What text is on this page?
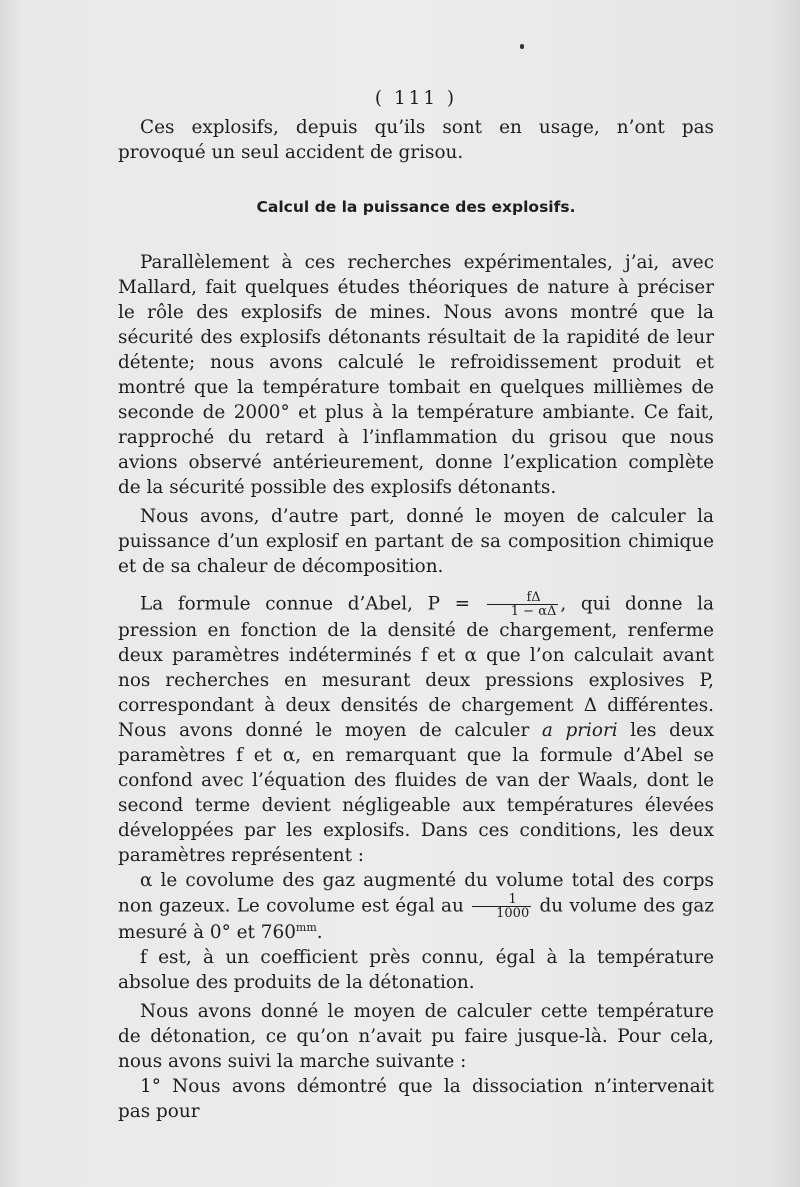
( 111 )

Ces explosifs, depuis qu’ils sont en usage, n’ont pas provoqué un seul accident de grisou.

Calcul de la puissance des explosifs.

Parallèlement à ces recherches expérimentales, j’ai, avec Mallard, fait quelques études théoriques de nature à préciser le rôle des explosifs de mines. Nous avons montré que la sécurité des explosifs détonants résultait de la rapidité de leur détente; nous avons calculé le refroidissement produit et montré que la température tombait en quelques millièmes de seconde de 2000° et plus à la température ambiante. Ce fait, rapproché du retard à l’inflammation du grisou que nous avions observé antérieurement, donne l’explication complète de la sécurité possible des explosifs détonants.

Nous avons, d’autre part, donné le moyen de calculer la puissance d’un explosif en partant de sa composition chimique et de sa chaleur de décomposition.

La formule connue d’Abel, $P = \frac{f\Delta}{1 - \alpha\Delta}$ , qui donne la pression en fonction de la densité de chargement, renferme deux paramètres indéterminés f et α que l’on calculait avant nos recherches en mesurant deux pressions explosives P, correspondant à deux densités de chargement Δ différentes. Nous avons donné le moyen de calculer a priori les deux paramètres f et α, en remarquant que la formule d’Abel se confond avec l’équation des fluides de van der Waals, dont le second terme devient négligeable aux températures élevées développées par les explosifs. Dans ces conditions, les deux paramètres représentent :

α le covolume des gaz augmenté du volume total des corps non gazeux. Le covolume est égal au $\frac{1}{1000}$ du volume des gaz mesuré à 0° et $760^{mm}$.

f est, à un coefficient près connu, égal à la température absolue des produits de la détonation.

Nous avons donné le moyen de calculer cette température de détonation, ce qu’on n’avait pu faire jusque-là. Pour cela, nous avons suivi la marche suivante :

1° Nous avons démontré que la dissociation n’intervenait pas pour
